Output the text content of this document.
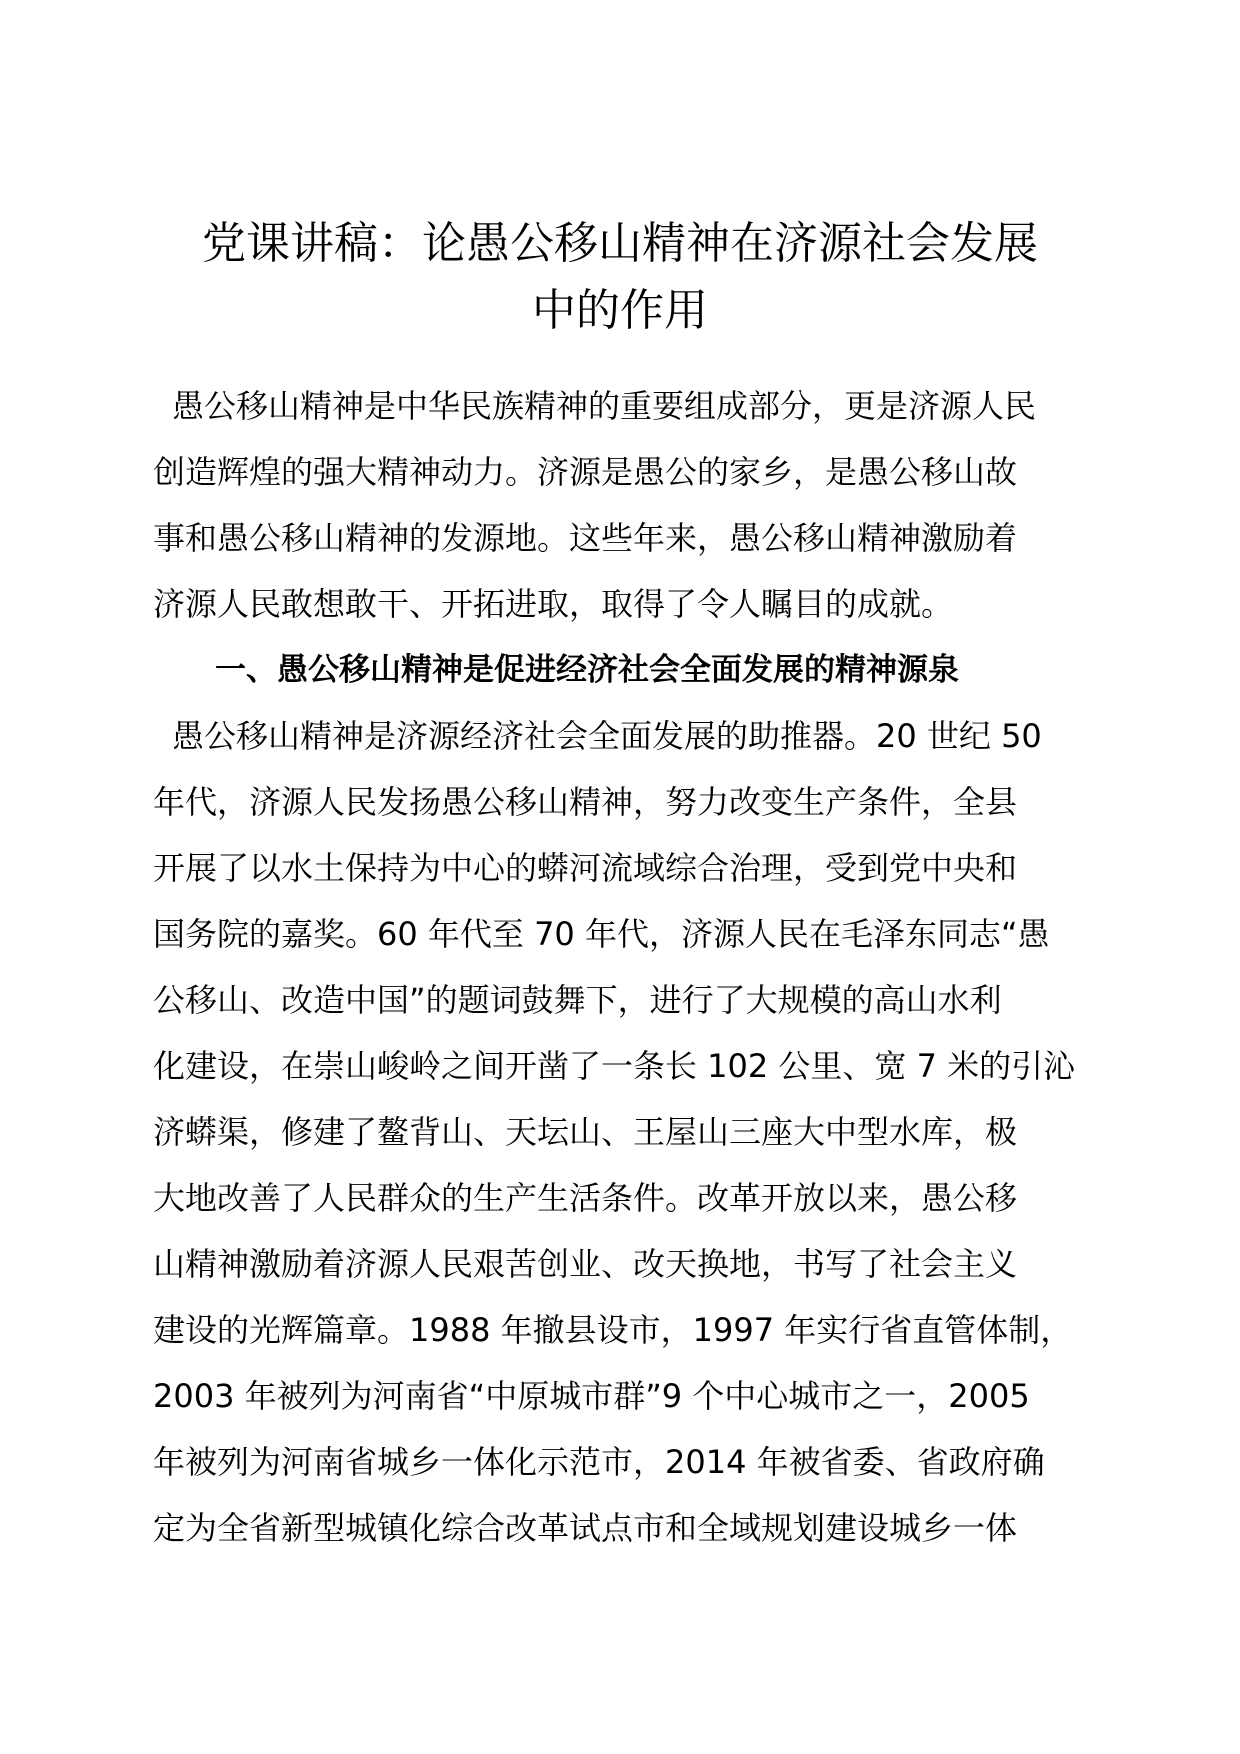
党课讲稿：论愚公移山精神在济源社会发展
中的作用
愚公移山精神是中华民族精神的重要组成部分，更是济源人民
创造辉煌的强大精神动力。济源是愚公的家乡，是愚公移山故
事和愚公移山精神的发源地。这些年来，愚公移山精神激励着
济源人民敢想敢干、开拓进取，取得了令人瞩目的成就。
一、愚公移山精神是促进经济社会全面发展的精神源泉
愚公移山精神是济源经济社会全面发展的助推器。20 世纪 50
年代，济源人民发扬愚公移山精神，努力改变生产条件，全县
开展了以水土保持为中心的蟒河流域综合治理，受到党中央和
国务院的嘉奖。60 年代至 70 年代，济源人民在毛泽东同志“愚
公移山、改造中国”的题词鼓舞下，进行了大规模的高山水利
化建设，在崇山峻岭之间开凿了一条长 102 公里、宽 7 米的引沁
济蟒渠，修建了鳌背山、天坛山、王屋山三座大中型水库，极
大地改善了人民群众的生产生活条件。改革开放以来，愚公移
山精神激励着济源人民艰苦创业、改天换地，书写了社会主义
建设的光辉篇章。1988 年撤县设市，1997 年实行省直管体制，
2003 年被列为河南省“中原城市群”9 个中心城市之一，2005
年被列为河南省城乡一体化示范市，2014 年被省委、省政府确
定为全省新型城镇化综合改革试点市和全域规划建设城乡一体
